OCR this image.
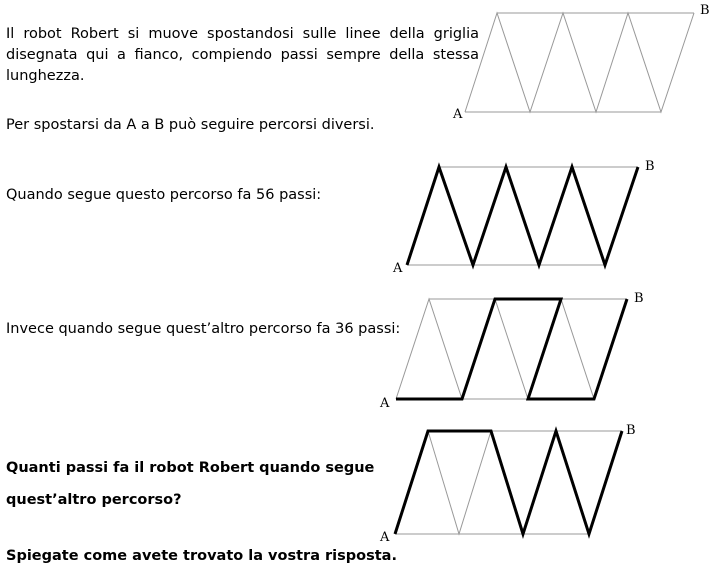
Il robot Robert si muove spostandosi sulle linee della griglia
disegnata qui a fianco, compiendo passi sempre della stessa
lunghezza.
Per spostarsi da A a B può seguire percorsi diversi.
Quando segue questo percorso fa 56 passi:
Invece quando segue quest’altro percorso fa 36 passi:
Quanti passi fa il robot Robert quando segue
quest’altro percorso?
Spiegate come avete trovato la vostra risposta.
A
B
A
B
A
B
A
B
